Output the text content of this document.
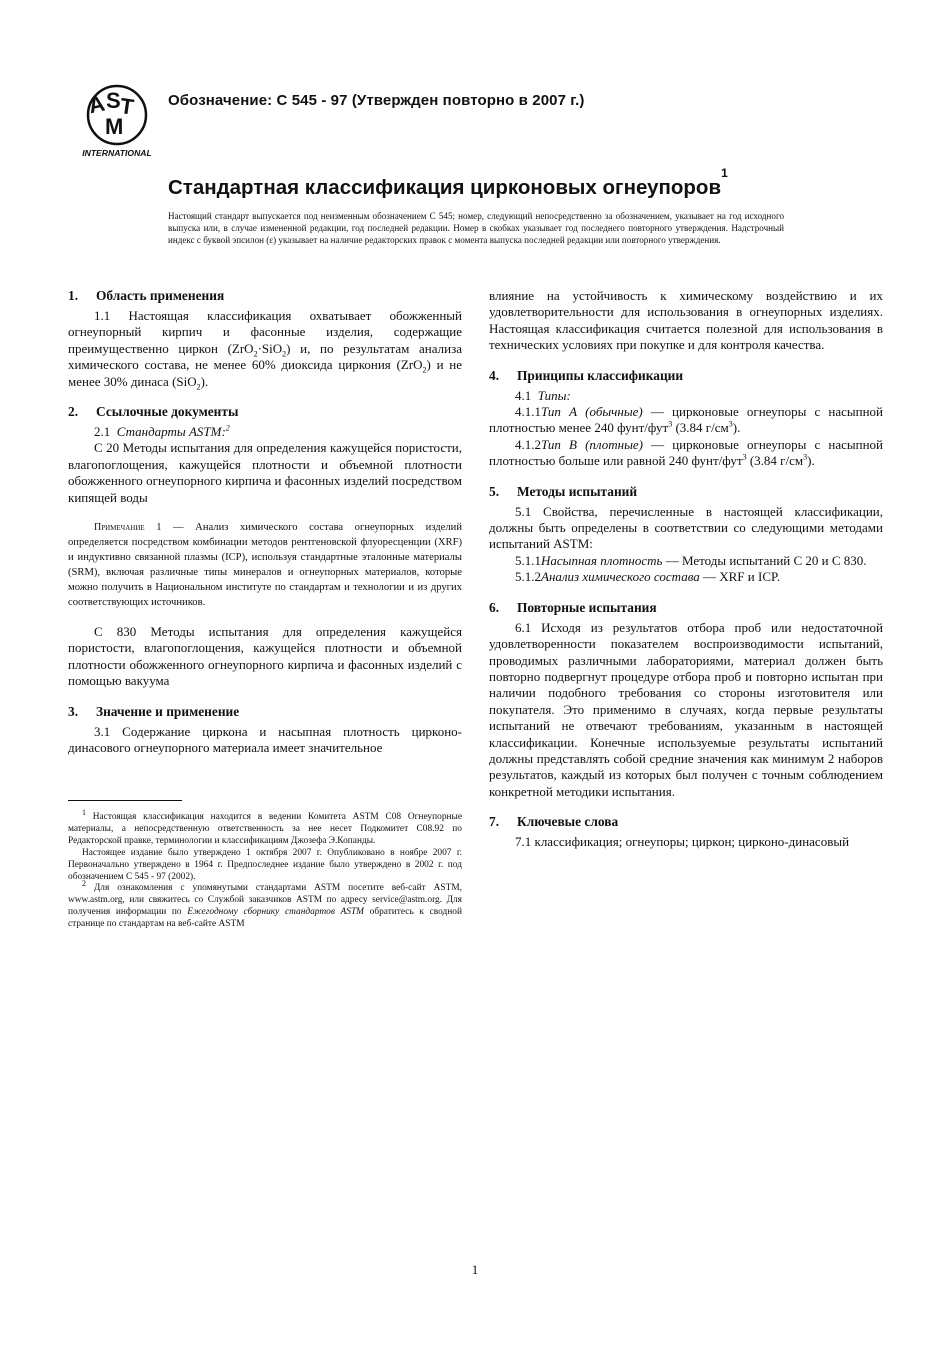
A S
T
M
INTERNATIONAL
Обозначение: C 545 - 97 (Утвержден повторно в 2007 г.)
Стандартная классификация цирконовых огнеупоров$^1$
Настоящий стандарт выпускается под неизменным обозначением C 545; номер, следующий непосредственно за обозначением, указывает на год исходного выпуска или, в случае измененной редакции, год последней редакции. Номер в скобках указывает год последнего повторного утверждения. Надстрочный индекс с буквой эпсилон (ε) указывает на наличие редакторских правок с момента выпуска последней редакции или повторного утверждения.
1. Область применения

1.1 Настоящая классификация охватывает обожженный огнеупорный кирпич и фасонные изделия, содержащие преимущественно циркон (ZrO$_2$·SiO$_2$) и, по результатам анализа химического состава, не менее 60% диоксида циркония (ZrO$_2$) и не менее 30% динаса (SiO$_2$).

2. Ссылочные документы

2.1 Стандарты ASTM:$^2$

C 20 Методы испытания для определения кажущейся пористости, влагопоглощения, кажущейся плотности и объемной плотности обожженного огнеупорного кирпича и фасонных изделий посредством кипящей воды

Примечание 1 — Анализ химического состава огнеупорных изделий определяется посредством комбинации методов рентгеновской флуоресценции (XRF) и индуктивно связанной плазмы (ICP), используя стандартные эталонные материалы (SRM), включая различные типы минералов и огнеупорных материалов, которые можно получить в Национальном институте по стандартам и технологии и из других соответствующих источников.

C 830 Методы испытания для определения кажущейся пористости, влагопоглощения, кажущейся плотности и объемной плотности обожженного огнеупорного кирпича и фасонных изделий с помощью вакуума

3. Значение и применение

3.1 Содержание циркона и насыпная плотность цирконо-динасового огнеупорного материала имеет значительное

$^1$ Настоящая классификация находится в ведении Комитета ASTM C08 Огнеупорные материалы, а непосредственную ответственность за нее несет Подкомитет C08.92 по Редакторской правке, терминологии и классификациям Джозефа Э.Копанды.

Настоящее издание было утверждено 1 октября 2007 г. Опубликовано в ноябре 2007 г. Первоначально утверждено в 1964 г. Предпоследнее издание было утверждено в 2002 г. под обозначением C 545 - 97 (2002).

$^2$ Для ознакомления с упомянутыми стандартами ASTM посетите веб-сайт ASTM, www.astm.org, или свяжитесь со Службой заказчиков ASTM по адресу service@astm.org. Для получения информации по Ежегодному сборнику стандартов ASTM обратитесь к сводной странице по стандартам на веб-сайте ASTM

влияние на устойчивость к химическому воздействию и их удовлетворительности для использования в огнеупорных изделиях. Настоящая классификация считается полезной для использования в технических условиях при покупке и для контроля качества.

4. Принципы классификации

4.1 Типы:

4.1.1Тип А (обычные) — цирконовые огнеупоры с насыпной плотностью менее 240 фунт/фут$^3$ (3.84 $г/см^3$).

4.1.2Тип В (плотные) — цирконовые огнеупоры с насыпной плотностью больше или равной 240 фунт/фут$^3$ (3.84 $г/см^3$).

5. Методы испытаний

5.1 Свойства, перечисленные в настоящей классификации, должны быть определены в соответствии со следующими методами испытаний ASTM:

5.1.1Насыпная плотность — Методы испытаний C 20 и C 830.

5.1.2Анализ химического состава — XRF и ICP.

6. Повторные испытания

6.1 Исходя из результатов отбора проб или недостаточной удовлетворенности показателем воспроизводимости испытаний, проводимых различными лабораториями, материал должен быть повторно подвергнут процедуре отбора проб и повторно испытан при наличии подобного требования со стороны изготовителя или покупателя. Это применимо в случаях, когда первые результаты испытаний не отвечают требованиям, указанным в настоящей классификации. Конечные используемые результаты испытаний должны представлять собой средние значения как минимум 2 наборов результатов, каждый из которых был получен с точным соблюдением конкретной методики испытания.

7. Ключевые слова

7.1 классификация; огнеупоры; циркон; цирконо-динасовый

1
